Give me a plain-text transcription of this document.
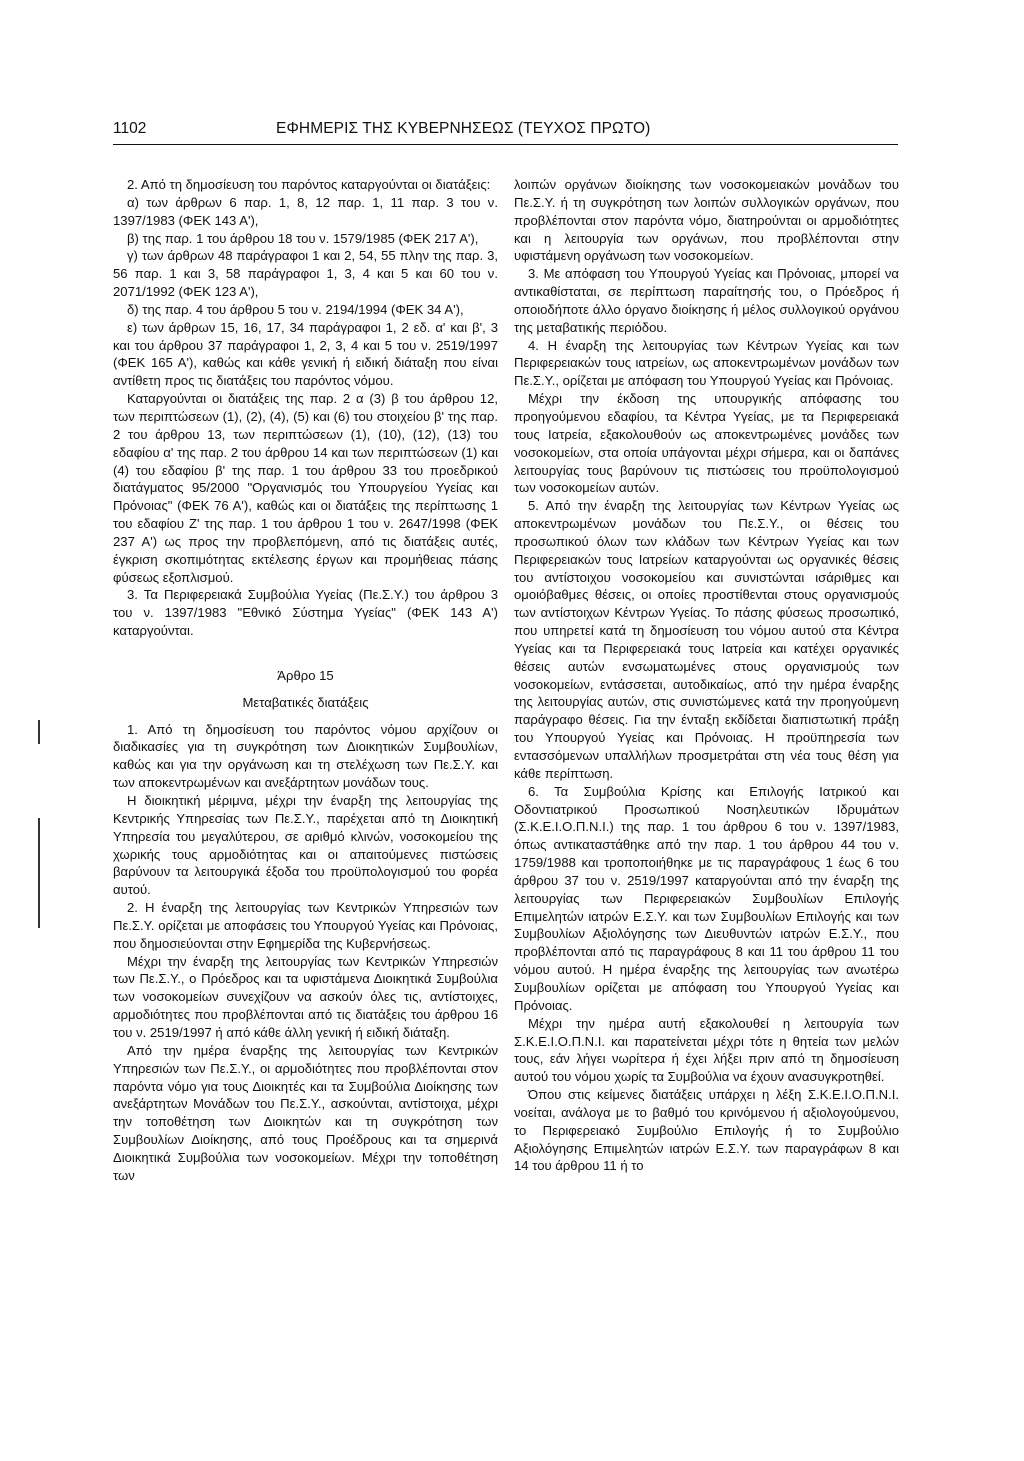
1102	ΕΦΗΜΕΡΙΣ ΤΗΣ ΚΥΒΕΡΝΗΣΕΩΣ (ΤΕΥΧΟΣ ΠΡΩΤΟ)

2. Από τη δημοσίευση του παρόντος καταργούνται οι διατάξεις:

α) των άρθρων 6 παρ. 1, 8, 12 παρ. 1, 11 παρ. 3 του ν. 1397/1983 (ΦΕΚ 143 Α'),

β) της παρ. 1 του άρθρου 18 του ν. 1579/1985 (ΦΕΚ 217 Α'),

γ) των άρθρων 48 παράγραφοι 1 και 2, 54, 55 πλην της παρ. 3, 56 παρ. 1 και 3, 58 παράγραφοι 1, 3, 4 και 5 και 60 του ν. 2071/1992 (ΦΕΚ 123 Α'),

δ) της παρ. 4 του άρθρου 5 του ν. 2194/1994 (ΦΕΚ 34 Α'),

ε) των άρθρων 15, 16, 17, 34 παράγραφοι 1, 2 εδ. α' και β', 3 και του άρθρου 37 παράγραφοι 1, 2, 3, 4 και 5 του ν. 2519/1997 (ΦΕΚ 165 Α'), καθώς και κάθε γενική ή ειδική διάταξη που είναι αντίθετη προς τις διατάξεις του παρόντος νόμου.

Καταργούνται οι διατάξεις της παρ. 2 α (3) β του άρθρου 12, των περιπτώσεων (1), (2), (4), (5) και (6) του στοιχείου β' της παρ. 2 του άρθρου 13, των περιπτώσεων (1), (10), (12), (13) του εδαφίου α' της παρ. 2 του άρθρου 14 και των περιπτώσεων (1) και (4) του εδαφίου β' της παρ. 1 του άρθρου 33 του προεδρικού διατάγματος 95/2000 "Οργανισμός του Υπουργείου Υγείας και Πρόνοιας" (ΦΕΚ 76 Α'), καθώς και οι διατάξεις της περίπτωσης 1 του εδαφίου Ζ' της παρ. 1 του άρθρου 1 του ν. 2647/1998 (ΦΕΚ 237 Α') ως προς την προβλεπόμενη, από τις διατάξεις αυτές, έγκριση σκοπιμότητας εκτέλεσης έργων και προμήθειας πάσης φύσεως εξοπλισμού.

3. Τα Περιφερειακά Συμβούλια Υγείας (Πε.Σ.Υ.) του άρθρου 3 του ν. 1397/1983 "Εθνικό Σύστημα Υγείας" (ΦΕΚ 143 Α') καταργούνται.

Άρθρο 15

Μεταβατικές διατάξεις

1. Από τη δημοσίευση του παρόντος νόμου αρχίζουν οι διαδικασίες για τη συγκρότηση των Διοικητικών Συμβουλίων, καθώς και για την οργάνωση και τη στελέχωση των Πε.Σ.Υ. και των αποκεντρωμένων και ανεξάρτητων μονάδων τους.

Η διοικητική μέριμνα, μέχρι την έναρξη της λειτουργίας της Κεντρικής Υπηρεσίας των Πε.Σ.Υ., παρέχεται από τη Διοικητική Υπηρεσία του μεγαλύτερου, σε αριθμό κλινών, νοσοκομείου της χωρικής τους αρμοδιότητας και οι απαιτούμενες πιστώσεις βαρύνουν τα λειτουργικά έξοδα του προϋπολογισμού του φορέα αυτού.

2. Η έναρξη της λειτουργίας των Κεντρικών Υπηρεσιών των Πε.Σ.Υ. ορίζεται με αποφάσεις του Υπουργού Υγείας και Πρόνοιας, που δημοσιεύονται στην Εφημερίδα της Κυβερνήσεως.

Μέχρι την έναρξη της λειτουργίας των Κεντρικών Υπηρεσιών των Πε.Σ.Υ., ο Πρόεδρος και τα υφιστάμενα Διοικητικά Συμβούλια των νοσοκομείων συνεχίζουν να ασκούν όλες τις, αντίστοιχες, αρμοδιότητες που προβλέπονται από τις διατάξεις του άρθρου 16 του ν. 2519/1997 ή από κάθε άλλη γενική ή ειδική διάταξη.

Από την ημέρα έναρξης της λειτουργίας των Κεντρικών Υπηρεσιών των Πε.Σ.Υ., οι αρμοδιότητες που προβλέπονται στον παρόντα νόμο για τους Διοικητές και τα Συμβούλια Διοίκησης των ανεξάρτητων Μονάδων του Πε.Σ.Υ., ασκούνται, αντίστοιχα, μέχρι την τοποθέτηση των Διοικητών και τη συγκρότηση των Συμβουλίων Διοίκησης, από τους Προέδρους και τα σημερινά Διοικητικά Συμβούλια των νοσοκομείων. Μέχρι την τοποθέτηση των

λοιπών οργάνων διοίκησης των νοσοκομειακών μονάδων του Πε.Σ.Υ. ή τη συγκρότηση των λοιπών συλλογικών οργάνων, που προβλέπονται στον παρόντα νόμο, διατηρούνται οι αρμοδιότητες και η λειτουργία των οργάνων, που προβλέπονται στην υφιστάμενη οργάνωση των νοσοκομείων.

3. Με απόφαση του Υπουργού Υγείας και Πρόνοιας, μπορεί να αντικαθίσταται, σε περίπτωση παραίτησής του, ο Πρόεδρος ή οποιοδήποτε άλλο όργανο διοίκησης ή μέλος συλλογικού οργάνου της μεταβατικής περιόδου.

4. Η έναρξη της λειτουργίας των Κέντρων Υγείας και των Περιφερειακών τους ιατρείων, ως αποκεντρωμένων μονάδων των Πε.Σ.Υ., ορίζεται με απόφαση του Υπουργού Υγείας και Πρόνοιας.

Μέχρι την έκδοση της υπουργικής απόφασης του προηγούμενου εδαφίου, τα Κέντρα Υγείας, με τα Περιφερειακά τους Ιατρεία, εξακολουθούν ως αποκεντρωμένες μονάδες των νοσοκομείων, στα οποία υπάγονται μέχρι σήμερα, και οι δαπάνες λειτουργίας τους βαρύνουν τις πιστώσεις του προϋπολογισμού των νοσοκομείων αυτών.

5. Από την έναρξη της λειτουργίας των Κέντρων Υγείας ως αποκεντρωμένων μονάδων του Πε.Σ.Υ., οι θέσεις του προσωπικού όλων των κλάδων των Κέντρων Υγείας και των Περιφερειακών τους Ιατρείων καταργούνται ως οργανικές θέσεις του αντίστοιχου νοσοκομείου και συνιστώνται ισάριθμες και ομοιόβαθμες θέσεις, οι οποίες προστίθενται στους οργανισμούς των αντίστοιχων Κέντρων Υγείας. Το πάσης φύσεως προσωπικό, που υπηρετεί κατά τη δημοσίευση του νόμου αυτού στα Κέντρα Υγείας και τα Περιφερειακά τους Ιατρεία και κατέχει οργανικές θέσεις αυτών ενσωματωμένες στους οργανισμούς των νοσοκομείων, εντάσσεται, αυτοδικαίως, από την ημέρα έναρξης της λειτουργίας αυτών, στις συνιστώμενες κατά την προηγούμενη παράγραφο θέσεις. Για την ένταξη εκδίδεται διαπιστωτική πράξη του Υπουργού Υγείας και Πρόνοιας. Η προϋπηρεσία των εντασσόμενων υπαλλήλων προσμετράται στη νέα τους θέση για κάθε περίπτωση.

6. Τα Συμβούλια Κρίσης και Επιλογής Ιατρικού και Οδοντιατρικού Προσωπικού Νοσηλευτικών Ιδρυμάτων (Σ.Κ.Ε.Ι.Ο.Π.Ν.Ι.) της παρ. 1 του άρθρου 6 του ν. 1397/1983, όπως αντικαταστάθηκε από την παρ. 1 του άρθρου 44 του ν. 1759/1988 και τροποποιήθηκε με τις παραγράφους 1 έως 6 του άρθρου 37 του ν. 2519/1997 καταργούνται από την έναρξη της λειτουργίας των Περιφερειακών Συμβουλίων Επιλογής Επιμελητών ιατρών Ε.Σ.Υ. και των Συμβουλίων Επιλογής και των Συμβουλίων Αξιολόγησης των Διευθυντών ιατρών Ε.Σ.Υ., που προβλέπονται από τις παραγράφους 8 και 11 του άρθρου 11 του νόμου αυτού. Η ημέρα έναρξης της λειτουργίας των ανωτέρω Συμβουλίων ορίζεται με απόφαση του Υπουργού Υγείας και Πρόνοιας.

Μέχρι την ημέρα αυτή εξακολουθεί η λειτουργία των Σ.Κ.Ε.Ι.Ο.Π.Ν.Ι. και παρατείνεται μέχρι τότε η θητεία των μελών τους, εάν λήγει νωρίτερα ή έχει λήξει πριν από τη δημοσίευση αυτού του νόμου χωρίς τα Συμβούλια να έχουν ανασυγκροτηθεί.

Όπου στις κείμενες διατάξεις υπάρχει η λέξη Σ.Κ.Ε.Ι.Ο.Π.Ν.Ι. νοείται, ανάλογα με το βαθμό του κρινόμενου ή αξιολογούμενου, το Περιφερειακό Συμβούλιο Επιλογής ή το Συμβούλιο Αξιολόγησης Επιμελητών ιατρών Ε.Σ.Υ. των παραγράφων 8 και 14 του άρθρου 11 ή το
